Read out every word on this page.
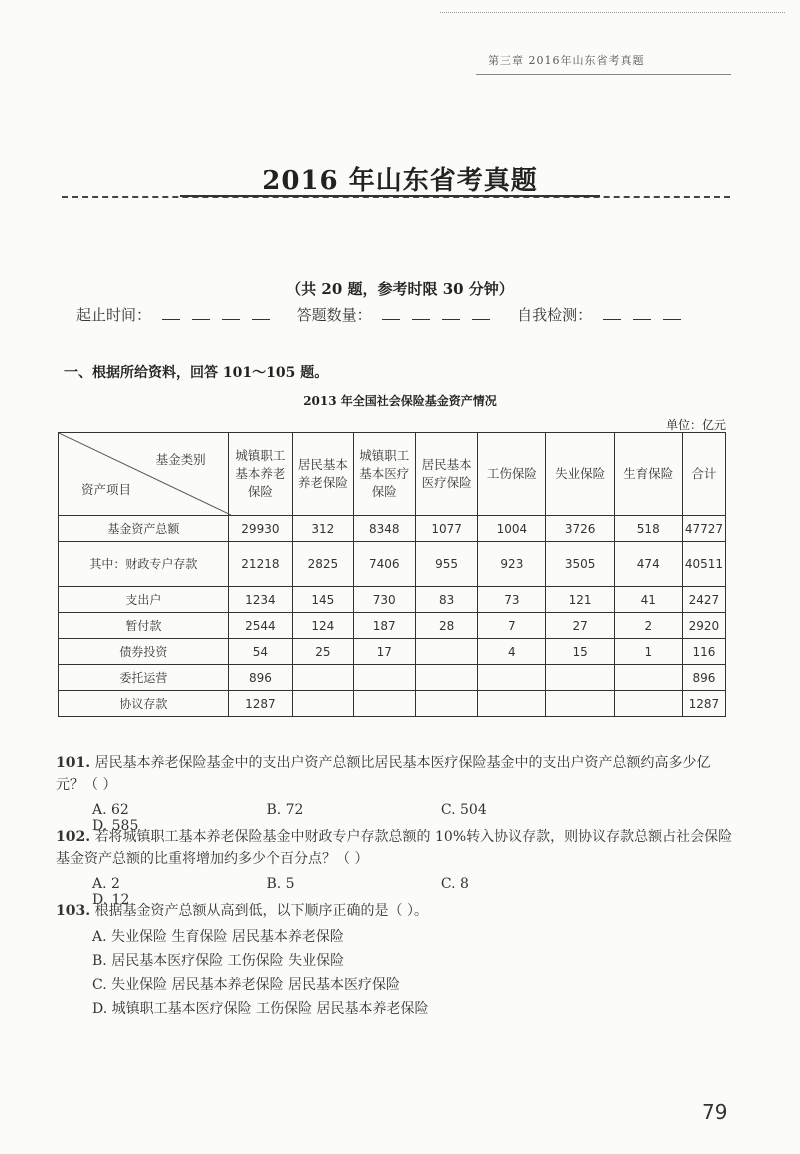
第三章 2016年山东省考真题
2016 年山东省考真题
（共 20 题，参考时限 30 分钟）
起止时间：	答题数量：	自我检测：
一、根据所给资料，回答 101～105 题。
2013 年全国社会保险基金资产情况
单位：亿元
基金类别
资产项目	城镇职工基本养老保险	居民基本养老保险	城镇职工基本医疗保险	居民基本医疗保险	工伤保险	失业保险	生育保险	合计
基金资产总额	29930	312	8348	1077	1004	3726	518	47727
其中：财政专户存款	21218	2825	7406	955	923	3505	474	40511
支出户	1234	145	730	83	73	121	41	2427
暂付款	2544	124	187	28	7	27	2	2920
债券投资	54	25	17		4	15	1	116
委托运营	896							896
协议存款	1287							1287
101. 居民基本养老保险基金中的支出户资产总额比居民基本医疗保险基金中的支出户资产总额约高多少亿元？（ ）
A. 62	B. 72	C. 504 D. 585
102. 若将城镇职工基本养老保险基金中财政专户存款总额的 10%转入协议存款，则协议存款总额占社会保险基金资产总额的比重将增加约多少个百分点？（ ）
A. 2	B. 5	C. 8 D. 12
103. 根据基金资产总额从高到低，以下顺序正确的是（ ）。
A. 失业保险 生育保险 居民基本养老保险
B. 居民基本医疗保险 工伤保险 失业保险
C. 失业保险 居民基本养老保险 居民基本医疗保险
D. 城镇职工基本医疗保险 工伤保险 居民基本养老保险
79
